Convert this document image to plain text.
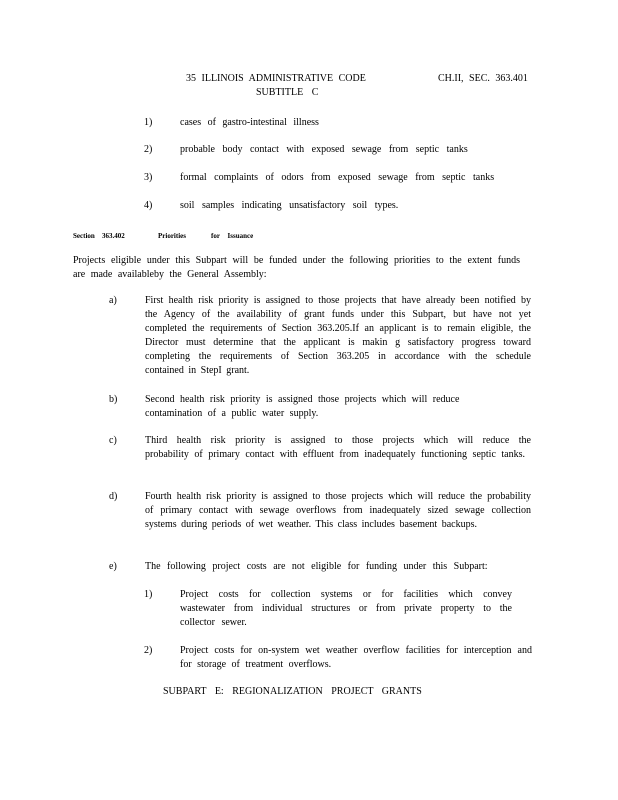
35 ILLINOIS ADMINISTRATIVE CODE	CH.II, SEC. 363.401
SUBTITLE C
1)	cases of gastro-intestinal illness
2)	probable body contact with exposed sewage from septic tanks
3)	formal complaints of odors from exposed sewage from septic tanks
4)	soil samples indicating unsatisfactory soil types.
Section 363.402	Priorities	for Issuance
Projects eligible under this Subpart will be funded under the following priorities to the extent funds are made availableby the General Assembly:
a)	First health risk priority is assigned to those projects that have already been notified by the Agency of the availability of grant funds under this Subpart, but have not yet completed the requirements of Section 363.205.If an applicant is to remain eligible, the Director must determine that the applicant is makin g satisfactory progress toward completing the requirements of Section 363.205 in accordance with the schedule contained in StepI grant.
b)	Second health risk priority is assigned those projects which will reduce contamination of a public water supply.
c)	Third health risk priority is assigned to those projects which will reduce the probability of primary contact with effluent from inadequately functioning septic tanks.
d)	Fourth health risk priority is assigned to those projects which will reduce the probability of primary contact with sewage overflows from inadequately sized sewage collection systems during periods of wet weather. This class includes basement backups.
e)	The following project costs are not eligible for funding under this Subpart:
1)	Project costs for collection systems or for facilities which convey wastewater from individual structures or from private property to the collector sewer.
2)	Project costs for on-system wet weather overflow facilities for interception and for storage of treatment overflows.
SUBPART E: REGIONALIZATION PROJECT GRANTS
